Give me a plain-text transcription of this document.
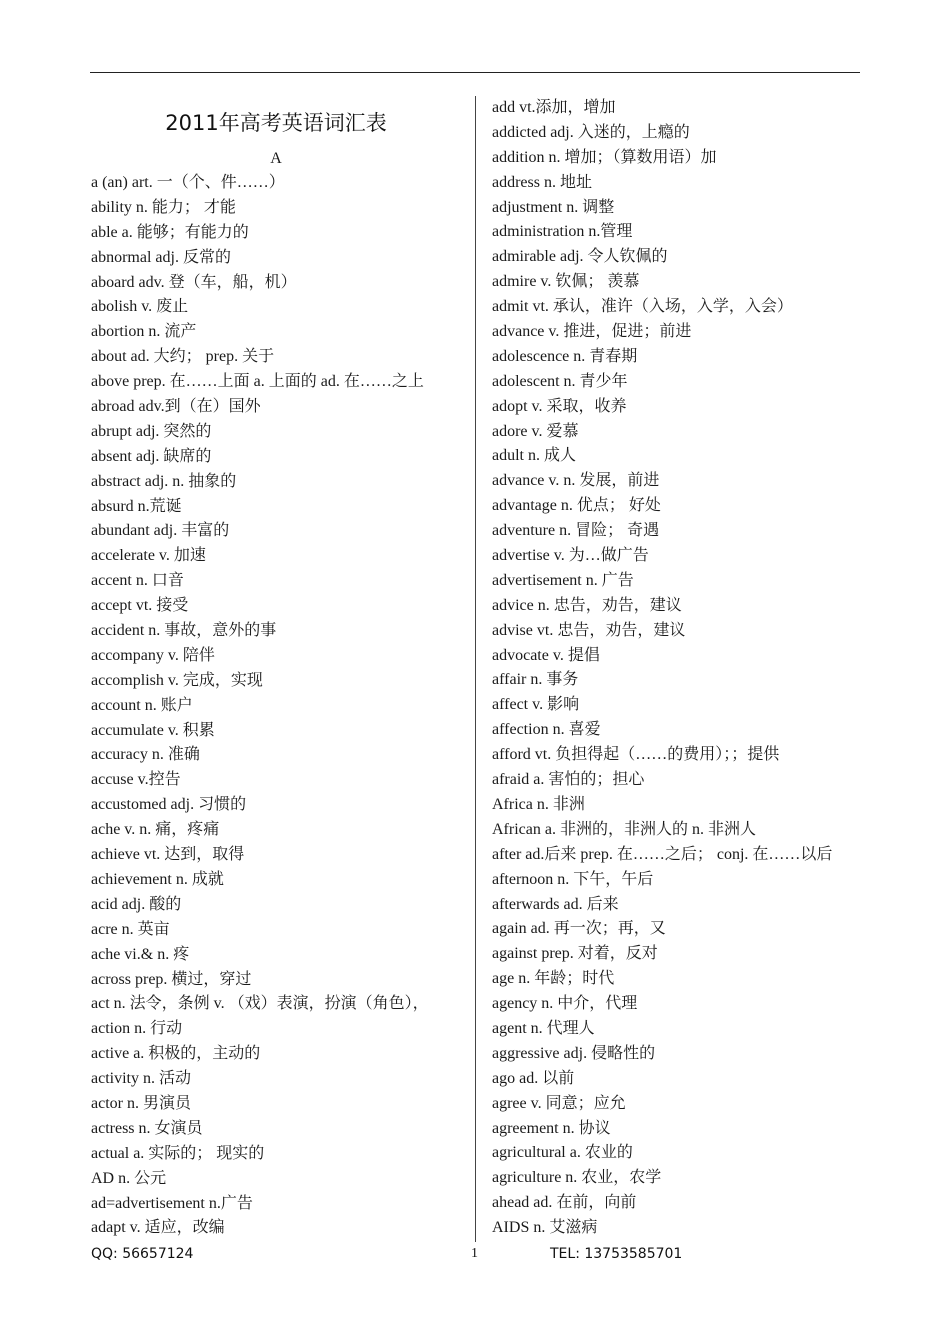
2011年高考英语词汇表
A
a (an) art. 一（个、件……）
ability n. 能力； 才能
able a. 能够；有能力的
abnormal adj. 反常的
aboard adv. 登（车，船，机）
abolish v. 废止
abortion n. 流产
about ad. 大约； prep. 关于
above prep. 在……上面 a. 上面的 ad. 在……之上
abroad adv.到（在）国外
abrupt adj. 突然的
absent adj. 缺席的
abstract adj. n. 抽象的
absurd n.荒诞
abundant adj. 丰富的
accelerate v. 加速
accent n. 口音
accept vt. 接受
accident n. 事故，意外的事
accompany v. 陪伴
accomplish v. 完成，实现
account n. 账户
accumulate v. 积累
accuracy n. 准确
accuse v.控告
accustomed adj. 习惯的
ache v. n. 痛，疼痛
achieve vt. 达到，取得
achievement n. 成就
acid adj. 酸的
acre n. 英亩
ache vi.& n. 疼
across prep. 横过，穿过
act n. 法令，条例 v. （戏）表演，扮演（角色），
action n. 行动
active a. 积极的，主动的
activity n. 活动
actor n. 男演员
actress n. 女演员
actual a. 实际的； 现实的
AD n. 公元
ad=advertisement n.广告
adapt v. 适应，改编
add vt.添加，增加
addicted adj. 入迷的，上瘾的
addition n. 增加；（算数用语）加
address n. 地址
adjustment n. 调整
administration n.管理
admirable adj. 令人钦佩的
admire v. 钦佩； 羡慕
admit vt. 承认，准许（入场，入学，入会）
advance v. 推进，促进；前进
adolescence n. 青春期
adolescent n. 青少年
adopt v. 采取，收养
adore v. 爱慕
adult n. 成人
advance v. n. 发展，前进
advantage n. 优点； 好处
adventure n. 冒险； 奇遇
advertise v. 为…做广告
advertisement n. 广告
advice n. 忠告，劝告，建议
advise vt. 忠告，劝告，建议
advocate v. 提倡
affair n. 事务
affect v. 影响
affection n. 喜爱
afford vt. 负担得起（……的费用）；；提供
afraid a. 害怕的；担心
Africa n. 非洲
African a. 非洲的，非洲人的 n. 非洲人
after ad.后来 prep. 在……之后； conj. 在……以后
afternoon n. 下午，午后
afterwards ad. 后来
again ad. 再一次；再，又
against prep. 对着，反对
age n. 年龄；时代
agency n. 中介，代理
agent n. 代理人
aggressive adj. 侵略性的
ago ad. 以前
agree v. 同意；应允
agreement n. 协议
agricultural a. 农业的
agriculture n. 农业，农学
ahead ad. 在前，向前
AIDS n. 艾滋病
QQ: 56657124	1	TEL: 13753585701
